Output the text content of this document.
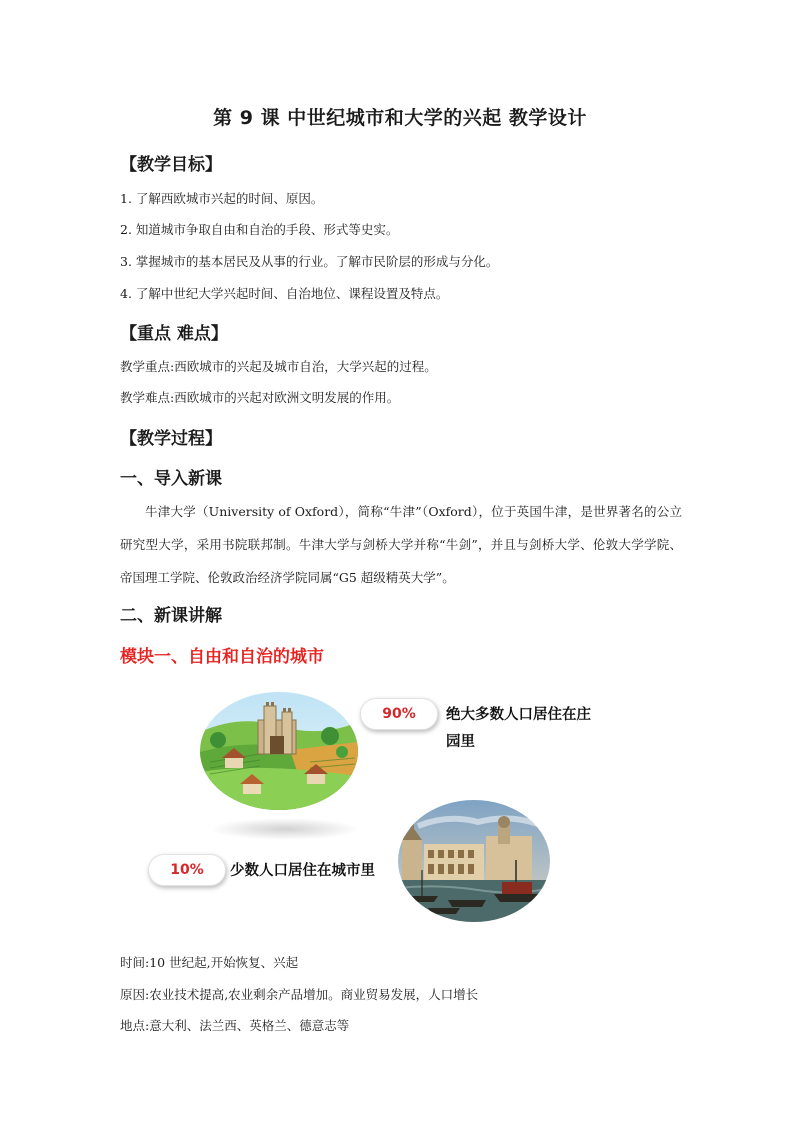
第 9 课 中世纪城市和大学的兴起 教学设计
【教学目标】
1. 了解西欧城市兴起的时间、原因。
2. 知道城市争取自由和自治的手段、形式等史实。
3. 掌握城市的基本居民及从事的行业。了解市民阶层的形成与分化。
4. 了解中世纪大学兴起时间、自治地位、课程设置及特点。
【重点 难点】
教学重点:西欧城市的兴起及城市自治，大学兴起的过程。
教学难点:西欧城市的兴起对欧洲文明发展的作用。
【教学过程】
一、导入新课
牛津大学（University of Oxford），简称“牛津”（Oxford），位于英国牛津，是世界著名的公立研究型大学，采用书院联邦制。牛津大学与剑桥大学并称“牛剑”，并且与剑桥大学、伦敦大学学院、帝国理工学院、伦敦政治经济学院同属“G5 超级精英大学”。
二、新课讲解
模块一、自由和自治的城市
90%	绝大多数人口居住在庄园里
10%	少数人口居住在城市里
时间:10 世纪起,开始恢复、兴起
原因:农业技术提高,农业剩余产品增加。商业贸易发展，人口增长
地点:意大利、法兰西、英格兰、德意志等
